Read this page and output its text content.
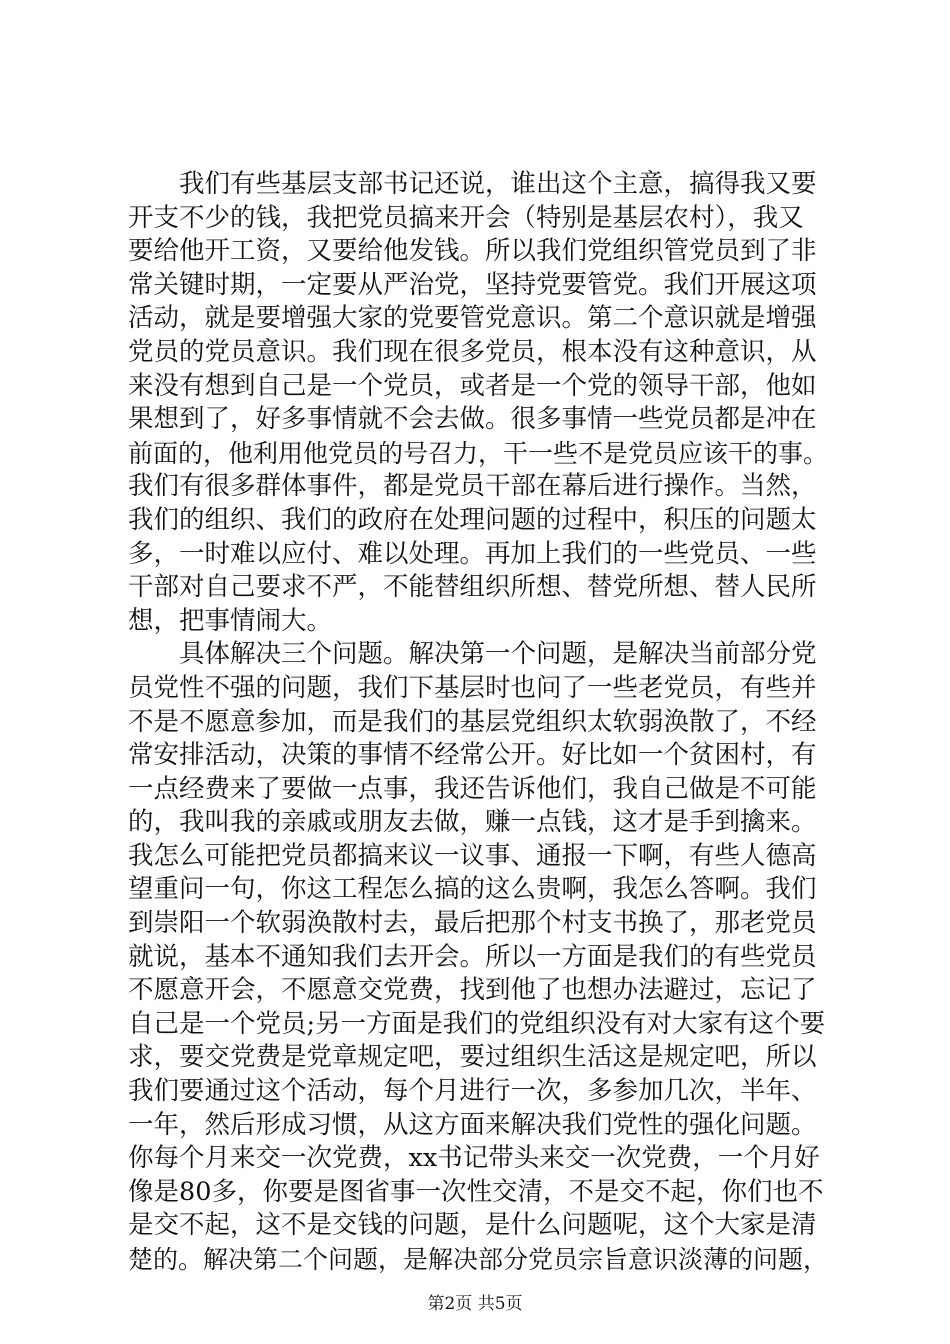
　　我们有些基层支部书记还说，谁出这个主意，搞得我又要
开支不少的钱，我把党员搞来开会（特别是基层农村），我又
要给他开工资，又要给他发钱。所以我们党组织管党员到了非
常关键时期，一定要从严治党，坚持党要管党。我们开展这项
活动，就是要增强大家的党要管党意识。第二个意识就是增强
党员的党员意识。我们现在很多党员，根本没有这种意识，从
来没有想到自己是一个党员，或者是一个党的领导干部，他如
果想到了，好多事情就不会去做。很多事情一些党员都是冲在
前面的，他利用他党员的号召力，干一些不是党员应该干的事。
我们有很多群体事件，都是党员干部在幕后进行操作。当然，
我们的组织、我们的政府在处理问题的过程中，积压的问题太
多，一时难以应付、难以处理。再加上我们的一些党员、一些
干部对自己要求不严，不能替组织所想、替党所想、替人民所
想，把事情闹大。
　　具体解决三个问题。解决第一个问题，是解决当前部分党
员党性不强的问题，我们下基层时也问了一些老党员，有些并
不是不愿意参加，而是我们的基层党组织太软弱涣散了，不经
常安排活动，决策的事情不经常公开。好比如一个贫困村，有
一点经费来了要做一点事，我还告诉他们，我自己做是不可能
的，我叫我的亲戚或朋友去做，赚一点钱，这才是手到擒来。
我怎么可能把党员都搞来议一议事、通报一下啊，有些人德高
望重问一句，你这工程怎么搞的这么贵啊，我怎么答啊。我们
到崇阳一个软弱涣散村去，最后把那个村支书换了，那老党员
就说，基本不通知我们去开会。所以一方面是我们的有些党员
不愿意开会，不愿意交党费，找到他了也想办法避过，忘记了
自己是一个党员;另一方面是我们的党组织没有对大家有这个要
求，要交党费是党章规定吧，要过组织生活这是规定吧，所以
我们要通过这个活动，每个月进行一次，多参加几次，半年、
一年，然后形成习惯，从这方面来解决我们党性的强化问题。
你每个月来交一次党费，xx书记带头来交一次党费，一个月好
像是80多，你要是图省事一次性交清，不是交不起，你们也不
是交不起，这不是交钱的问题，是什么问题呢，这个大家是清
楚的。解决第二个问题，是解决部分党员宗旨意识淡薄的问题，
第2页 共5页
